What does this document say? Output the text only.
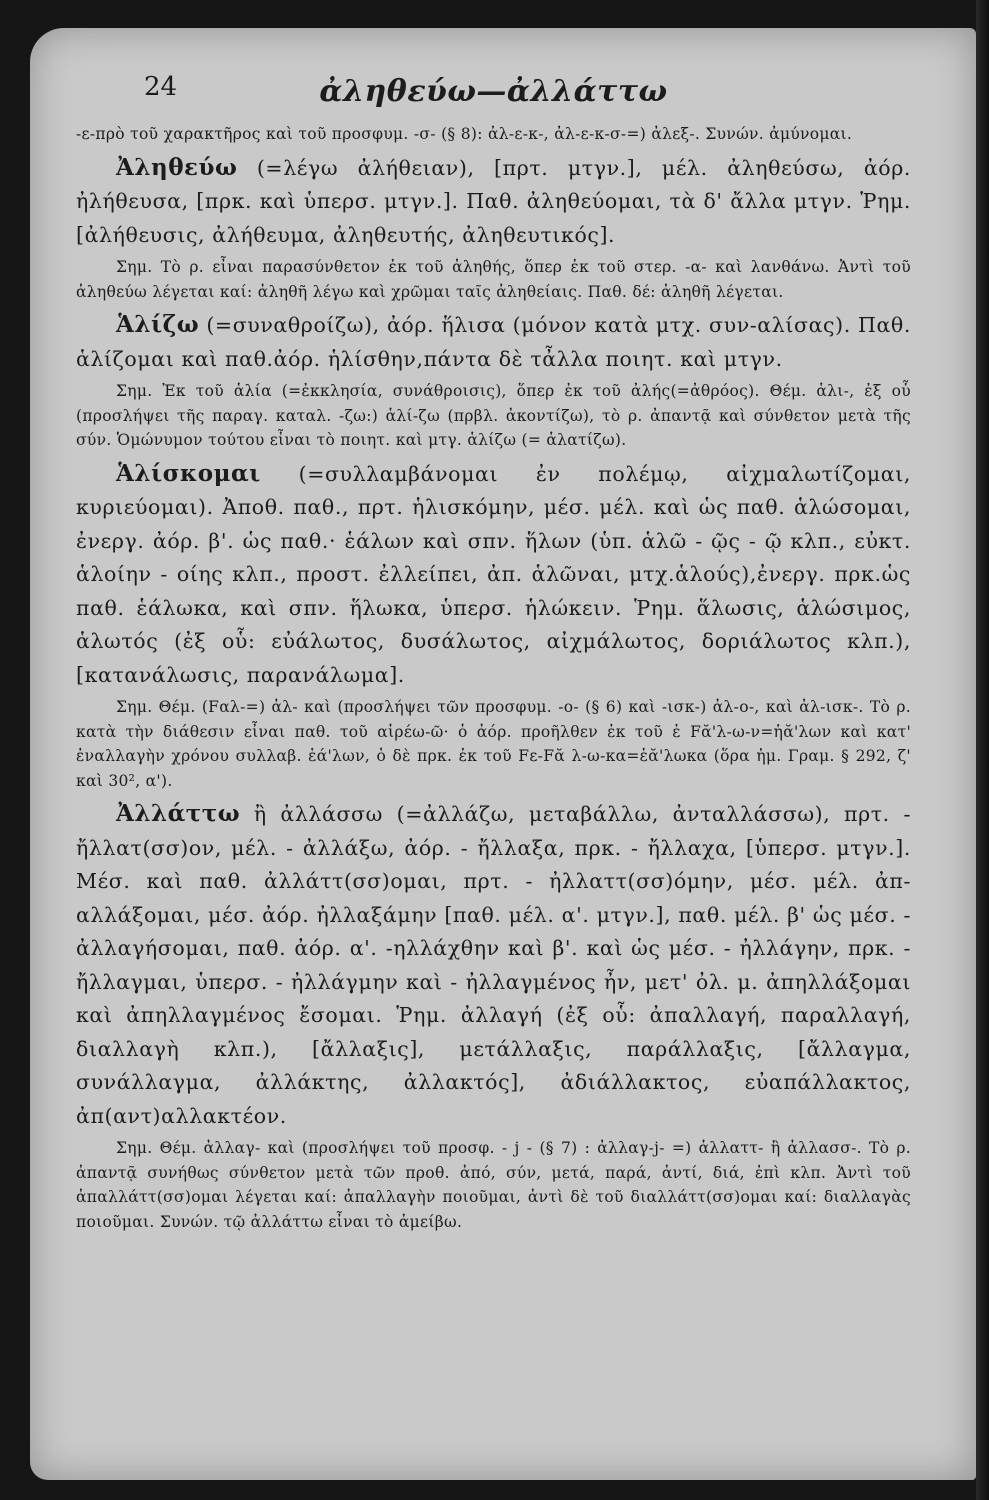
24	ἀληθεύω—ἀλλάττω

-ε-πρὸ τοῦ χαρακτῆρος καὶ τοῦ προσφυμ. -σ- (§ 8): ἀλ-ε-κ-, ἀλ-ε-κ-σ-=) ἀλεξ-. Συνών. ἀμύνομαι.

Ἀληθεύω (=λέγω ἀλήθειαν), [πρτ. μτγν.], μέλ. ἀληθεύσω, ἀόρ. ἠλήθευσα, [πρκ. καὶ ὑπερσ. μτγν.]. Παθ. ἀληθεύομαι, τὰ δ' ἄλλα μτγν. Ῥημ. [ἀλήθευσις, ἀλήθευμα, ἀληθευτής, ἀληθευτικός].

Σημ. Τὸ ρ. εἶναι παρασύνθετον ἐκ τοῦ ἀληθής, ὅπερ ἐκ τοῦ στερ. -α- καὶ λανθάνω. Ἀντὶ τοῦ ἀληθεύω λέγεται καί: ἀληθῆ λέγω καὶ χρῶμαι ταῖς ἀληθείαις. Παθ. δέ: ἀληθῆ λέγεται.

Ἁλίζω (=συναθροίζω), ἀόρ. ἥλισα (μόνον κατὰ μτχ. συν-αλίσας). Παθ. ἁλίζομαι καὶ παθ.ἀόρ. ἡλίσθην,πάντα δὲ τἆλλα ποιητ. καὶ μτγν.

Σημ. Ἐκ τοῦ ἁλία (=ἐκκλησία, συνάθροισις), ὅπερ ἐκ τοῦ ἀλής(=ἀθρόος). Θέμ. ἁλι-, ἐξ οὗ (προσλήψει τῆς παραγ. καταλ. -ζω:) ἁλί-ζω (πρβλ. ἀκοντίζω), τὸ ρ. ἀπαντᾷ καὶ σύνθετον μετὰ τῆς σύν. Ὁμώνυμον τούτου εἶναι τὸ ποιητ. καὶ μτγ. ἁλίζω (= ἁλατίζω).

Ἁλίσκομαι (=συλλαμβάνομαι ἐν πολέμῳ, αἰχμαλωτίζομαι, κυριεύομαι). Ἀποθ. παθ., πρτ. ἡλισκόμην, μέσ. μέλ. καὶ ὡς παθ. ἁλώσομαι, ἐνεργ. ἀόρ. β'. ὡς παθ.· ἑάλων καὶ σπν. ἥλων (ὑπ. ἁλῶ - ῷς - ῷ κλπ., εὐκτ. ἁλοίην - οίης κλπ., προστ. ἐλλείπει, ἀπ. ἁλῶναι, μτχ.ἁλούς),ἐνεργ. πρκ.ὡς παθ. ἑάλωκα, καὶ σπν. ἥλωκα, ὑπερσ. ἡλώκειν. Ῥημ. ἅλωσις, ἁλώσιμος, ἁλωτός (ἐξ οὗ: εὐάλωτος, δυσάλωτος, αἰχμάλωτος, δοριάλωτος κλπ.), [κατανάλωσις, παρανάλωμα].

Σημ. Θέμ. (Fαλ-=) ἁλ- καὶ (προσλήψει τῶν προσφυμ. -ο- (§ 6) καὶ -ισκ-) ἁλ-ο-, καὶ ἁλ-ισκ-. Τὸ ρ. κατὰ τὴν διάθεσιν εἶναι παθ. τοῦ αἱρέω-ῶ· ὁ ἀόρ. προῆλθεν ἐκ τοῦ ἐ Fᾰ'λ-ω-ν=ἡᾰ'λων καὶ κατ' ἐναλλαγὴν χρόνου συλλαβ. ἑά'λων, ὁ δὲ πρκ. ἐκ τοῦ Fε-Fᾰ λ-ω-κα=ἑᾰ'λωκα (ὅρα ἡμ. Γραμ. § 292, ζ' καὶ 30², α').

Ἀλλάττω ἢ ἀλλάσσω (=ἀλλάζω, μεταβάλλω, ἀνταλλάσσω), πρτ. - ἤλλατ(σσ)ον, μέλ. - ἀλλάξω, ἀόρ. - ἤλλαξα, πρκ. - ἤλλαχα, [ὑπερσ. μτγν.]. Μέσ. καὶ παθ. ἀλλάττ(σσ)ομαι, πρτ. - ἠλλαττ(σσ)όμην, μέσ. μέλ. ἀπ-αλλάξομαι, μέσ. ἀόρ. ἠλλαξάμην [παθ. μέλ. α'. μτγν.], παθ. μέλ. β' ὡς μέσ. - ἀλλαγήσομαι, παθ. ἀόρ. α'. -ηλλάχθην καὶ β'. καὶ ὡς μέσ. - ἠλλάγην, πρκ. - ἤλλαγμαι, ὑπερσ. - ἠλλάγμην καὶ - ἠλλαγμένος ἦν, μετ' ὀλ. μ. ἀπηλλάξομαι καὶ ἀπηλλαγμένος ἔσομαι. Ῥημ. ἀλλαγή (ἐξ οὗ: ἀπαλλαγή, παραλλαγή, διαλλαγὴ κλπ.), [ἄλλαξις], μετάλλαξις, παράλλαξις, [ἄλλαγμα, συνάλλαγμα, ἀλλάκτης, ἀλλακτός], ἀδιάλλακτος, εὐαπάλλακτος, ἀπ(αντ)αλλακτέον.

Σημ. Θέμ. ἀλλαγ- καὶ (προσλήψει τοῦ προσφ. - j - (§ 7) : ἀλλαγ-j- =) ἀλλαττ- ἢ ἀλλασσ-. Τὸ ρ. ἀπαντᾷ συνήθως σύνθετον μετὰ τῶν προθ. ἀπό, σύν, μετά, παρά, ἀντί, διά, ἐπὶ κλπ. Ἀντὶ τοῦ ἀπαλλάττ(σσ)ομαι λέγεται καί: ἀπαλλαγὴν ποιοῦμαι, ἀντὶ δὲ τοῦ διαλλάττ(σσ)ομαι καί: διαλλαγὰς ποιοῦμαι. Συνών. τῷ ἀλλάττω εἶναι τὸ ἀμείβω.
